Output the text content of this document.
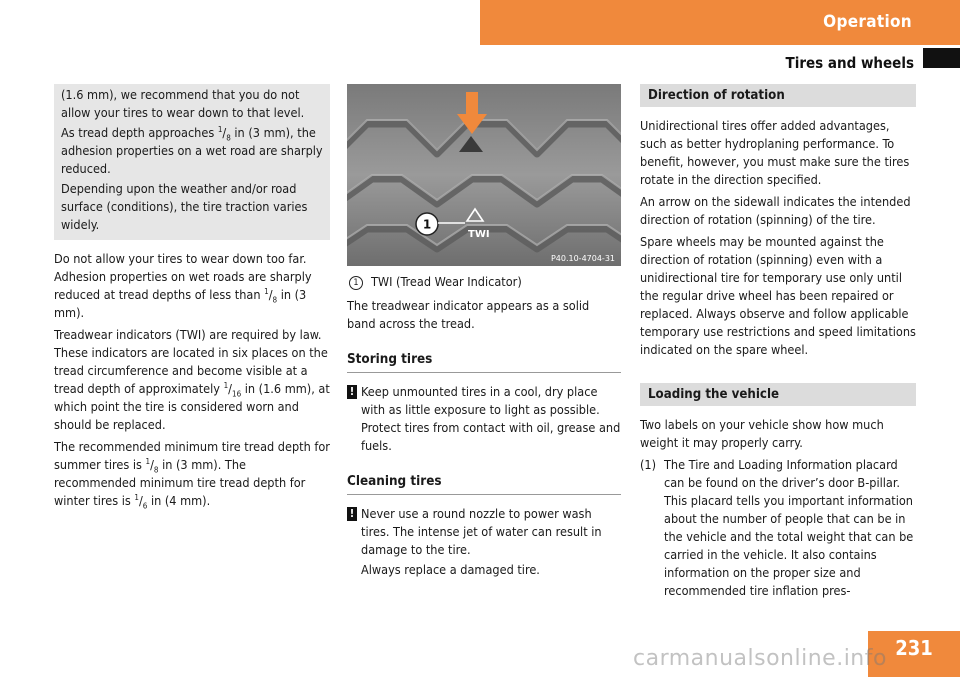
Operation
Tires and wheels

(1.6 mm), we recommend that you do not allow your tires to wear down to that level.

As tread depth approaches $^1/_8$ in (3 mm), the adhesion properties on a wet road are sharply reduced.

Depending upon the weather and/or road surface (conditions), the tire traction varies widely.

Do not allow your tires to wear down too far. Adhesion properties on wet roads are sharply reduced at tread depths of less than $^1/_8$ in (3 mm).

Treadwear indicators (TWI) are required by law. These indicators are located in six places on the tread circumference and become visible at a tread depth of approximately $^1/_{16}$ in (1.6 mm), at which point the tire is considered worn and should be replaced.

The recommended minimum tire tread depth for summer tires is $^1/_8$ in (3 mm). The recommended minimum tire tread depth for winter tires is $^1/_6$ in (4 mm).

1
TWI
P40.10-4704-31
1 TWI (Tread Wear Indicator)

The treadwear indicator appears as a solid band across the tread.

Storing tires
! Keep unmounted tires in a cool, dry place with as little exposure to light as possible. Protect tires from contact with oil, grease and fuels.
Cleaning tires
! Never use a round nozzle to power wash tires. The intense jet of water can result in damage to the tire.

Always replace a damaged tire.

Direction of rotation

Unidirectional tires offer added advantages, such as better hydroplaning performance. To benefit, however, you must make sure the tires rotate in the direction specified.

An arrow on the sidewall indicates the intended direction of rotation (spinning) of the tire.

Spare wheels may be mounted against the direction of rotation (spinning) even with a unidirectional tire for temporary use only until the regular drive wheel has been repaired or replaced. Always observe and follow applicable temporary use restrictions and speed limitations indicated on the spare wheel.

Loading the vehicle

Two labels on your vehicle show how much weight it may properly carry.

(1) The Tire and Loading Information placard can be found on the driver’s door B-pillar. This placard tells you important information about the number of people that can be in the vehicle and the total weight that can be carried in the vehicle. It also contains information on the proper size and recommended tire inflation pres-
231
carmanualsonline.info
